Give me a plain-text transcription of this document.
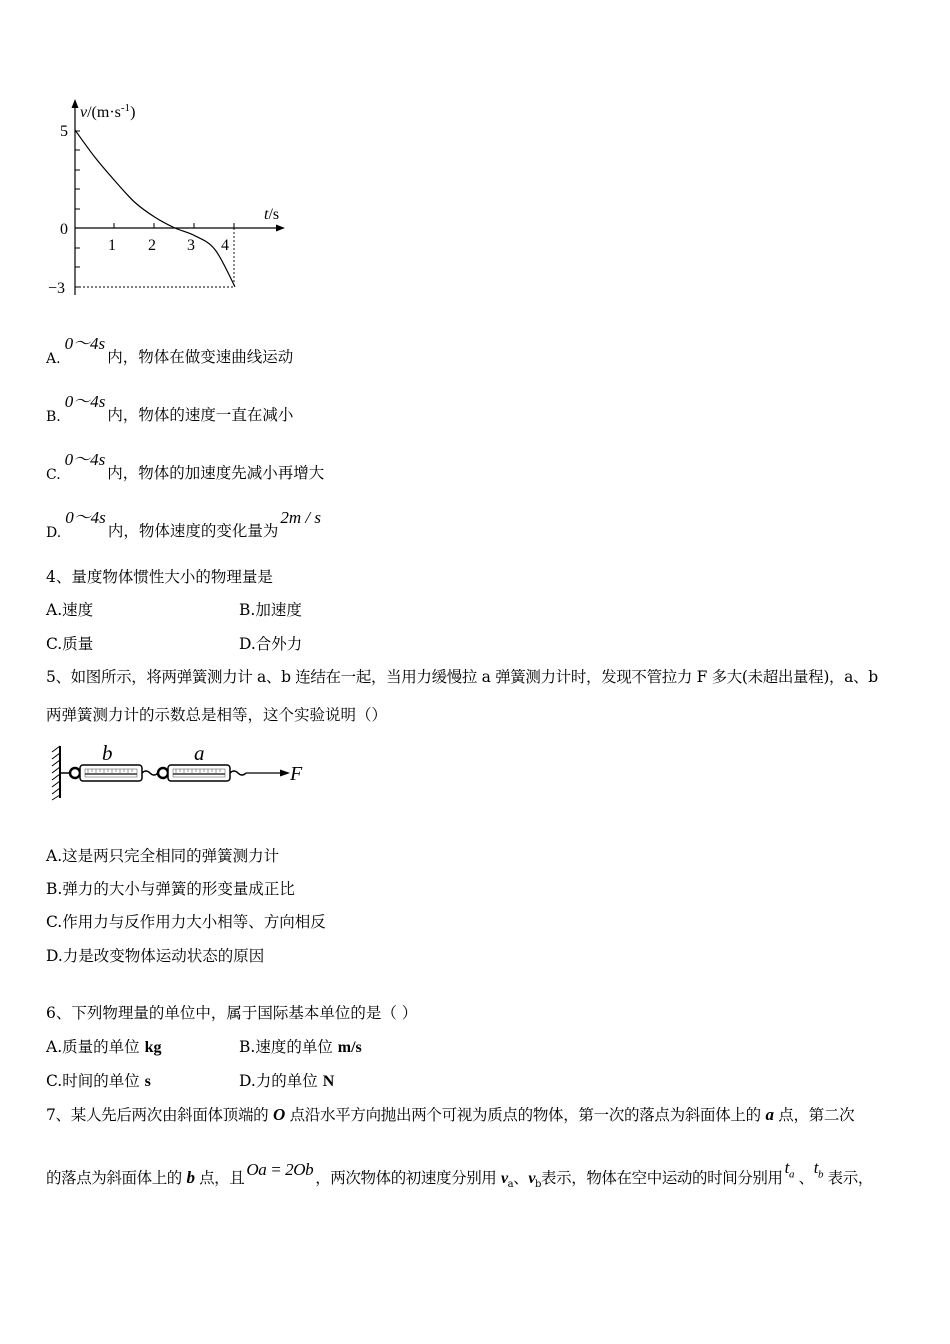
$v/(m\cdot s^{-1})$
t/s
5
0
−3
1 2 3 4
A.0～4s内，物体在做变速曲线运动
B.0～4s内，物体的速度一直在减小
C.0～4s内，物体的加速度先减小再增大
D.0～4s内，物体速度的变化量为2m / s
4、量度物体惯性大小的物理量是
A.速度	B.加速度
C.质量	D.合外力
5、如图所示，将两弹簧测力计 a、b 连结在一起，当用力缓慢拉 a 弹簧测力计时，发现不管拉力 F 多大(未超出量程)，a、b
两弹簧测力计的示数总是相等，这个实验说明（）
b	a
F
A.这是两只完全相同的弹簧测力计
B.弹力的大小与弹簧的形变量成正比
C.作用力与反作用力大小相等、方向相反
D.力是改变物体运动状态的原因
6、下列物理量的单位中，属于国际基本单位的是（ ）
A.质量的单位 kg	B.速度的单位 m/s
C.时间的单位 s	D.力的单位 N
7、某人先后两次由斜面体顶端的 O 点沿水平方向抛出两个可视为质点的物体，第一次的落点为斜面体上的 a 点，第二次
的落点为斜面体上的 b 点，且 Oa = 2Ob ，两次物体的初速度分别用 $v_a$、$v_b$表示，物体在空中运动的时间分别用$t_a$ 、$t_b$ 表示，
